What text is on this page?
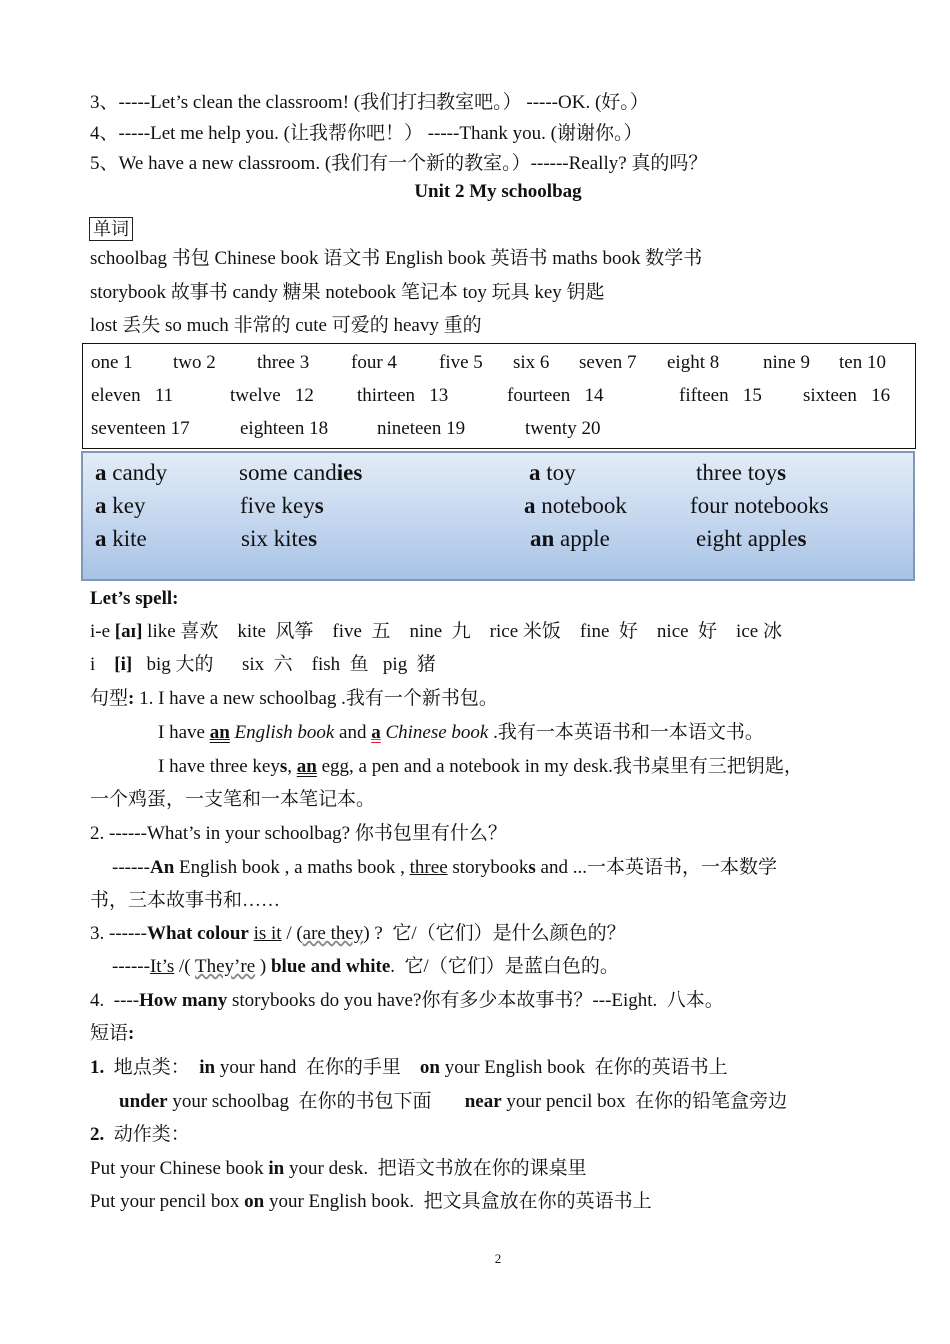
3、-----Let’s clean the classroom! (我们打扫教室吧。） -----OK. (好。）
4、-----Let me help you. (让我帮你吧！） -----Thank you. (谢谢你。）
5、We have a new classroom. (我们有一个新的教室。）------Really? 真的吗？
Unit 2 My schoolbag
单词
schoolbag 书包 Chinese book 语文书 English book 英语书 maths book 数学书
storybook 故事书 candy 糖果 notebook 笔记本 toy 玩具 key 钥匙
lost 丢失 so much 非常的 cute 可爱的 heavy 重的
one 1 two 2 three 3 four 4 five 5 six 6 seven 7 eight 8 nine 9 ten 10
eleven   11	twelve   12 thirteen   13	fourteen   14	fifteen   15 sixteen   16
seventeen 17	eighteen 18	nineteen 19	twenty 20
a candy	some candies	a toy	three toys
a key	five keys	a notebook	four notebooks
a kite	six kites	an apple	eight apples
Let’s spell:
i-e [aɪ] like 喜欢    kite  风筝    five  五    nine  九    rice 米饭    fine  好    nice  好    ice 冰
i    [i]   big 大的      six  六    fish  鱼   pig  猪
句型: 1. I have a new schoolbag .我有一个新书包。
I have an English book and a Chinese book .我有一本英语书和一本语文书。
I have three keys, an egg, a pen and a notebook in my desk.我书桌里有三把钥匙，
一个鸡蛋，一支笔和一本笔记本。
2. ------What’s in your schoolbag? 你书包里有什么？
------An English book , a maths book , three storybooks and ...一本英语书，一本数学
书，三本故事书和……
3. ------What colour is it / (are they) ?  它/（它们）是什么颜色的？
------It’s /( They’re ) blue and white.  它/（它们）是蓝白色的。
4.  ----How many storybooks do you have?你有多少本故事书？---Eight.  八本。
短语:
1.  地点类：  in your hand  在你的手里    on your English book  在你的英语书上
under your schoolbag  在你的书包下面       near your pencil box  在你的铅笔盒旁边
2.  动作类：
Put your Chinese book in your desk.  把语文书放在你的课桌里
Put your pencil box on your English book.  把文具盒放在你的英语书上
2
